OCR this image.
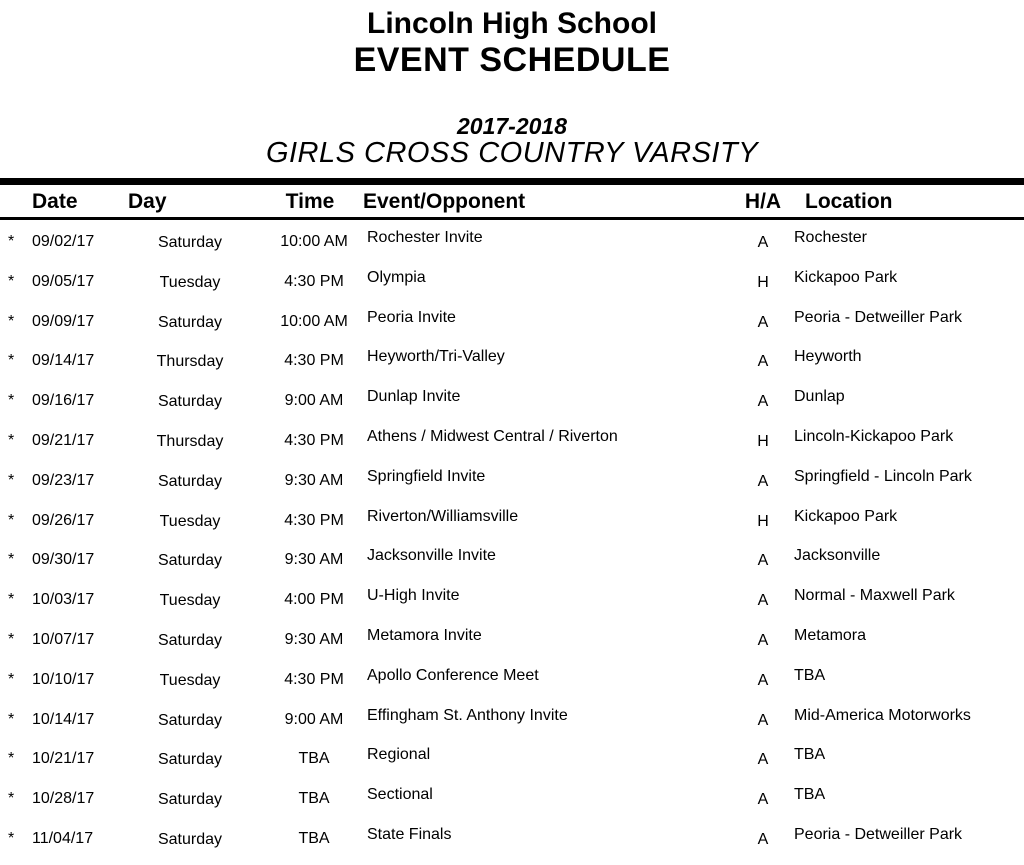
Lincoln High School
EVENT SCHEDULE
2017-2018
GIRLS CROSS COUNTRY VARSITY
Date	Day	Time	Event/Opponent	H/A	Location
*	09/02/17	Saturday	10:00 AM	Rochester Invite	A	Rochester
*	09/05/17	Tuesday	4:30 PM	Olympia	H	Kickapoo Park
*	09/09/17	Saturday	10:00 AM	Peoria Invite	A	Peoria - Detweiller Park
*	09/14/17	Thursday	4:30 PM	Heyworth/Tri-Valley	A	Heyworth
*	09/16/17	Saturday	9:00 AM	Dunlap Invite	A	Dunlap
*	09/21/17	Thursday	4:30 PM	Athens / Midwest Central / Riverton	H	Lincoln-Kickapoo Park
*	09/23/17	Saturday	9:30 AM	Springfield Invite	A	Springfield - Lincoln Park
*	09/26/17	Tuesday	4:30 PM	Riverton/Williamsville	H	Kickapoo Park
*	09/30/17	Saturday	9:30 AM	Jacksonville Invite	A	Jacksonville
*	10/03/17	Tuesday	4:00 PM	U-High Invite	A	Normal - Maxwell Park
*	10/07/17	Saturday	9:30 AM	Metamora Invite	A	Metamora
*	10/10/17	Tuesday	4:30 PM	Apollo Conference Meet	A	TBA
*	10/14/17	Saturday	9:00 AM	Effingham St. Anthony Invite	A	Mid-America Motorworks
*	10/21/17	Saturday	TBA	Regional	A	TBA
*	10/28/17	Saturday	TBA	Sectional	A	TBA
*	11/04/17	Saturday	TBA	State Finals	A	Peoria - Detweiller Park
